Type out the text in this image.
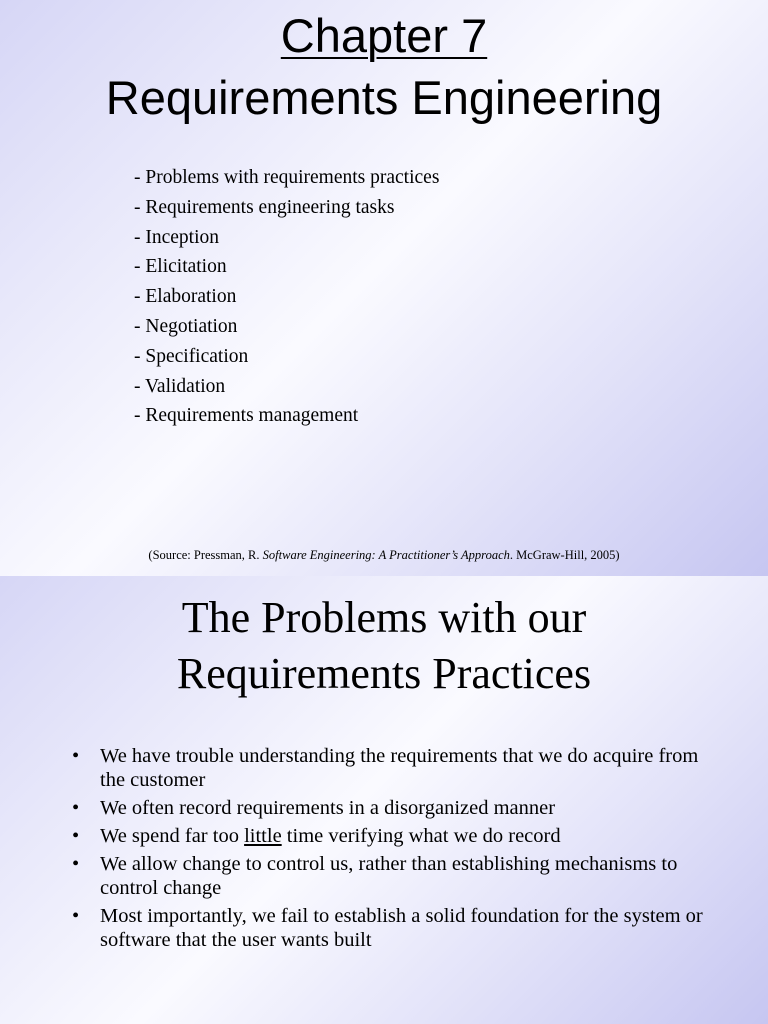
Chapter 7
Requirements Engineering
- Problems with requirements practices
- Requirements engineering tasks
- Inception
- Elicitation
- Elaboration
- Negotiation
- Specification
- Validation
- Requirements management
(Source: Pressman, R. Software Engineering: A Practitioner’s Approach. McGraw-Hill, 2005)
The Problems with our
Requirements Practices
• We have trouble understanding the requirements that we do acquire from the customer
• We often record requirements in a disorganized manner
• We spend far too little time verifying what we do record
• We allow change to control us, rather than establishing mechanisms to control change
• Most importantly, we fail to establish a solid foundation for the system or software that the user wants built
